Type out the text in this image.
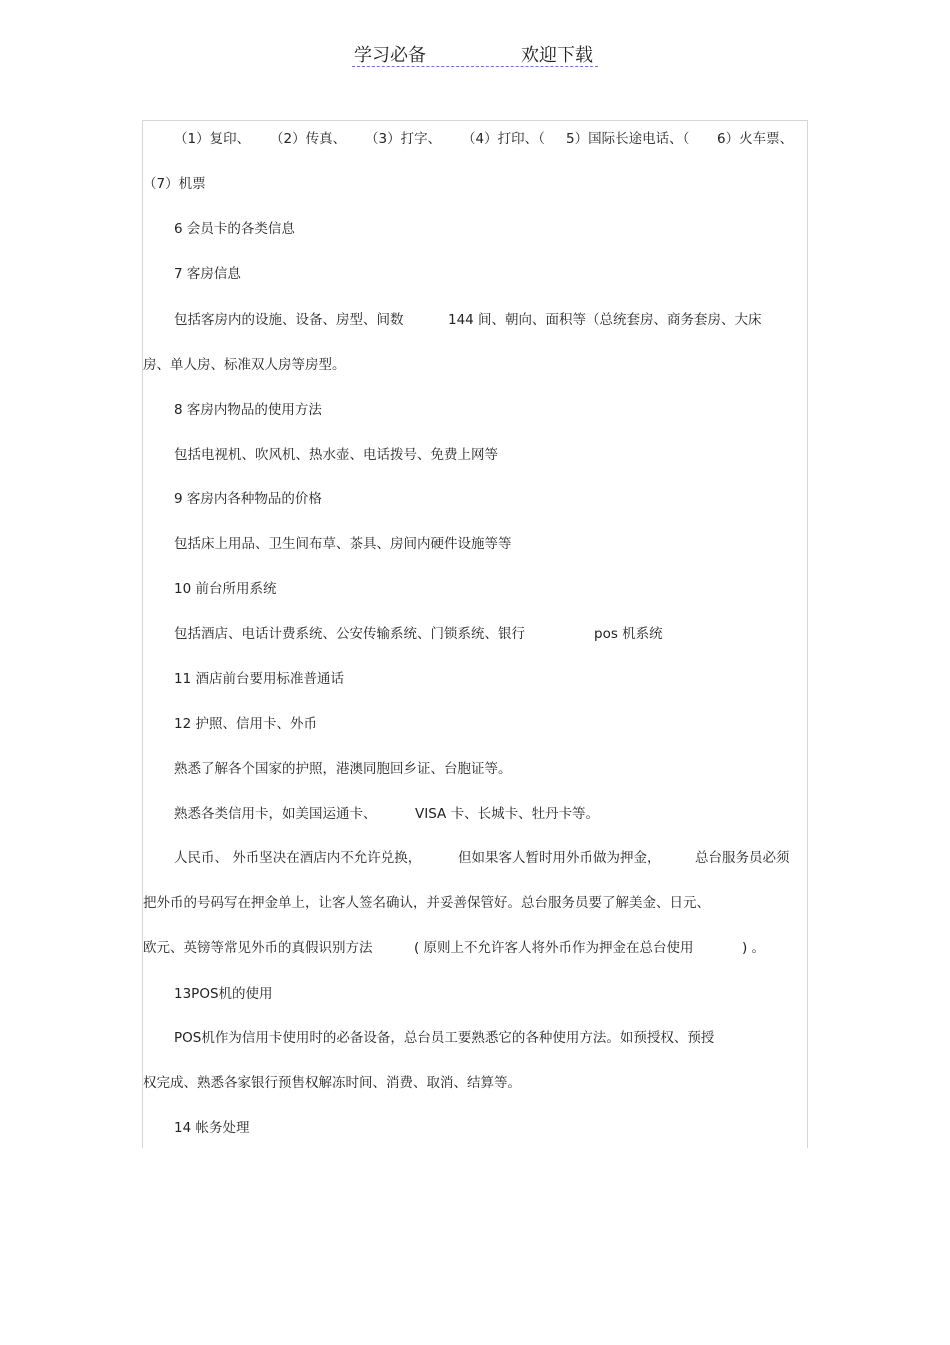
学习必备	欢迎下载
（1）复印、 （2）传真、 （3）打字、 （4）打印、（ 5）国际长途电话、（ 6）火车票、
（7）机票
6 会员卡的各类信息
7 客房信息
包括客房内的设施、设备、房型、间数	144 间、朝向、面积等（总统套房、商务套房、大床
房、单人房、标准双人房等房型。
8 客房内物品的使用方法
包括电视机、吹风机、热水壶、电话拨号、免费上网等
9 客房内各种物品的价格
包括床上用品、卫生间布草、茶具、房间内硬件设施等等
10 前台所用系统
包括酒店、电话计费系统、公安传输系统、门锁系统、银行	pos 机系统
11 酒店前台要用标准普通话
12 护照、信用卡、外币
熟悉了解各个国家的护照，港澳同胞回乡证、台胞证等。
熟悉各类信用卡，如美国运通卡、	VISA 卡、长城卡、牡丹卡等。
人民币、 外币坚决在酒店内不允许兑换，	但如果客人暂时用外币做为押金，	总台服务员必须
把外币的号码写在押金单上，让客人签名确认，并妥善保管好。总台服务员要了解美金、日元、
欧元、英镑等常见外币的真假识别方法	( 原则上不允许客人将外币作为押金在总台使用	) 。
13POS机的使用
POS机作为信用卡使用时的必备设备，总台员工要熟悉它的各种使用方法。如预授权、预授
权完成、熟悉各家银行预售权解冻时间、消费、取消、结算等。
14 帐务处理
